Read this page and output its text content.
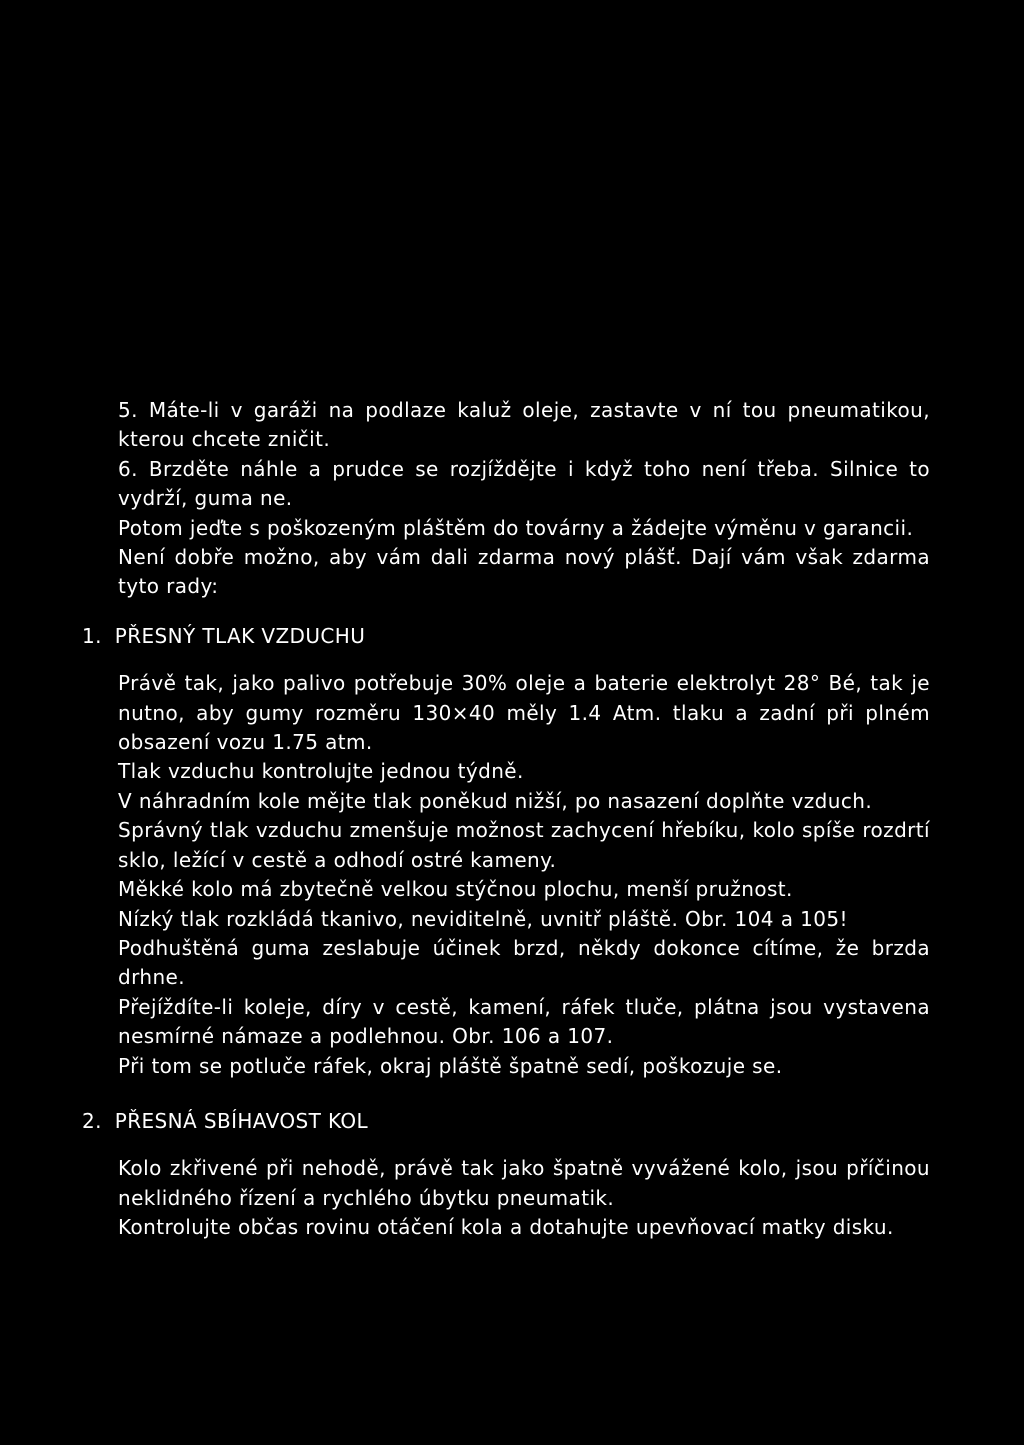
5. Máte-li v garáži na podlaze kaluž oleje, zastavte v ní tou pneumatikou, kterou chcete zničit.

6. Brzděte náhle a prudce se rozjíždějte i když toho není třeba. Silnice to vydrží, guma ne.

Potom jeďte s poškozeným pláštěm do továrny a žádejte výměnu v garancii.

Není dobře možno, aby vám dali zdarma nový plášť. Dají vám však zdarma tyto rady:

1. PŘESNÝ TLAK VZDUCHU

Právě tak, jako palivo potřebuje 30% oleje a baterie elektrolyt 28° Bé, tak je nutno, aby gumy rozměru 130×40 měly 1.4 Atm. tlaku a zadní při plném obsazení vozu 1.75 atm.

Tlak vzduchu kontrolujte jednou týdně.

V náhradním kole mějte tlak poněkud nižší, po nasazení doplňte vzduch.

Správný tlak vzduchu zmenšuje možnost zachycení hřebíku, kolo spíše rozdrtí sklo, ležící v cestě a odhodí ostré kameny.

Měkké kolo má zbytečně velkou stýčnou plochu, menší pružnost.

Nízký tlak rozkládá tkanivo, neviditelně, uvnitř pláště. Obr. 104 a 105!

Podhuštěná guma zeslabuje účinek brzd, někdy dokonce cítíme, že brzda drhne.

Přejíždíte-li koleje, díry v cestě, kamení, ráfek tluče, plátna jsou vystavena nesmírné námaze a podlehnou. Obr. 106 a 107.

Při tom se potluče ráfek, okraj pláště špatně sedí, poškozuje se.

2. PŘESNÁ SBÍHAVOST KOL

Kolo zkřivené při nehodě, právě tak jako špatně vyvážené kolo, jsou příčinou neklidného řízení a rychlého úbytku pneumatik.

Kontrolujte občas rovinu otáčení kola a dotahujte upevňovací matky disku.
